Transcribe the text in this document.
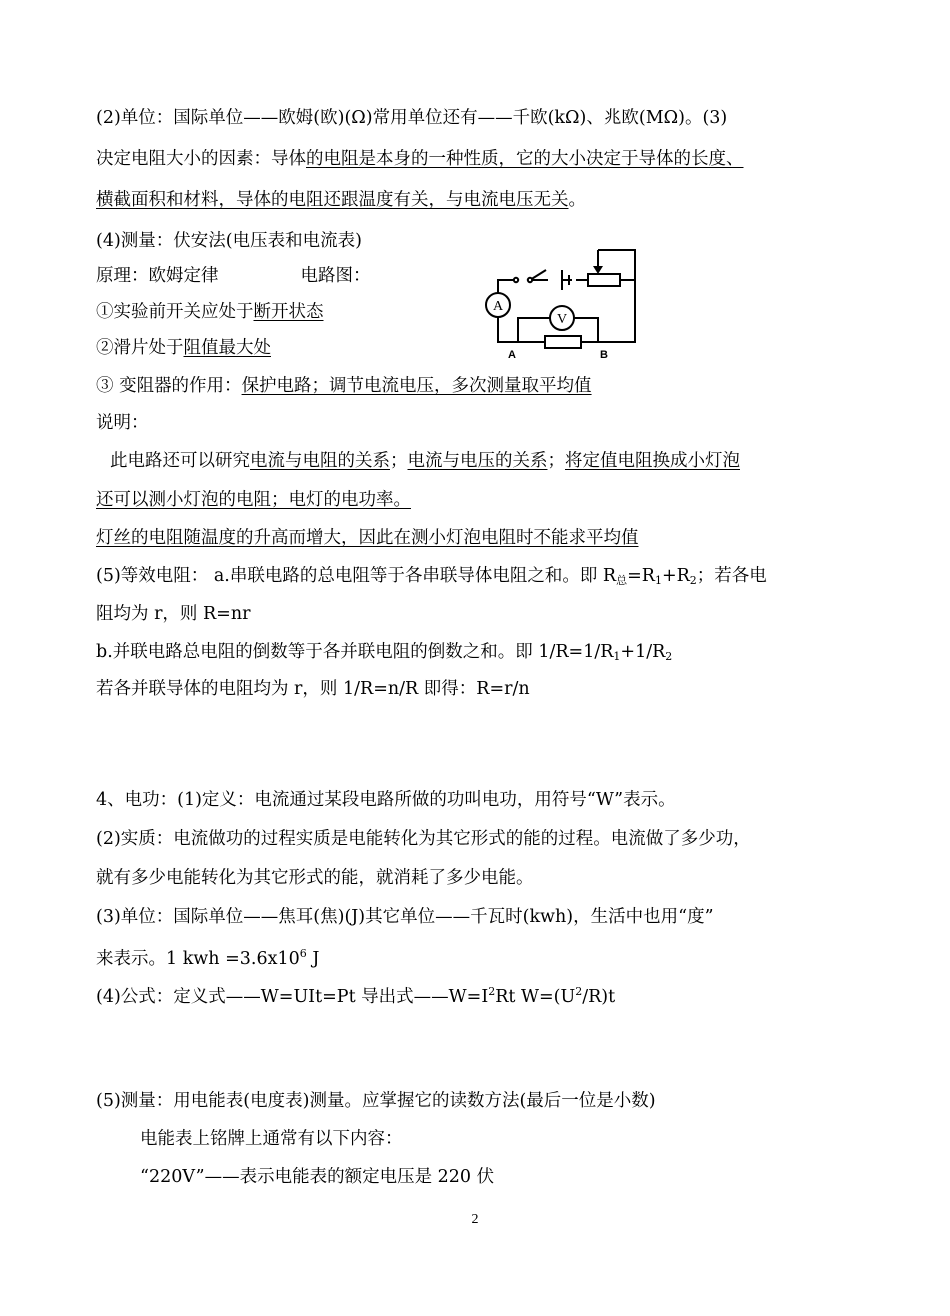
(2)单位：国际单位——欧姆(欧)(Ω)常用单位还有——千欧(kΩ)、兆欧(MΩ)。(3)
决定电阻大小的因素：导体的电阻是本身的一种性质，它的大小决定于导体的长度、
横截面积和材料，导体的电阻还跟温度有关，与电流电压无关。
(4)测量：伏安法(电压表和电流表)
原理：欧姆定律	电路图：
①实验前开关应处于断开状态
②滑片处于阻值最大处
③ 变阻器的作用：保护电路；调节电流电压，多次测量取平均值
说明：
此电路还可以研究电流与电阻的关系；电流与电压的关系；将定值电阻换成小灯泡
还可以测小灯泡的电阻；电灯的电功率。
灯丝的电阻随温度的升高而增大，因此在测小灯泡电阻时不能求平均值
(5)等效电阻： a.串联电路的总电阻等于各串联导体电阻之和。即 $R_总=R_1+R_2$；若各电
阻均为 r，则 R=nr
b.并联电路总电阻的倒数等于各并联电阻的倒数之和。即 $1/R=1/R_1+1/R_2$
若各并联导体的电阻均为 r，则 1/R=n/R 即得：R=r/n
4、电功：(1)定义：电流通过某段电路所做的功叫电功，用符号“W”表示。
(2)实质：电流做功的过程实质是电能转化为其它形式的能的过程。电流做了多少功，
就有多少电能转化为其它形式的能，就消耗了多少电能。
(3)单位：国际单位——焦耳(焦)(J)其它单位——千瓦时(kwh)，生活中也用“度”
来表示。1 kwh $=3.6x10^6$ J
(4)公式：定义式——W=UIt=Pt 导出式$——W=I^2Rt$ $W=(U^2/R)t$
(5)测量：用电能表(电度表)测量。应掌握它的读数方法(最后一位是小数)
电能表上铭牌上通常有以下内容：
“220V”——表示电能表的额定电压是 220 伏
A
V
A	B
2
